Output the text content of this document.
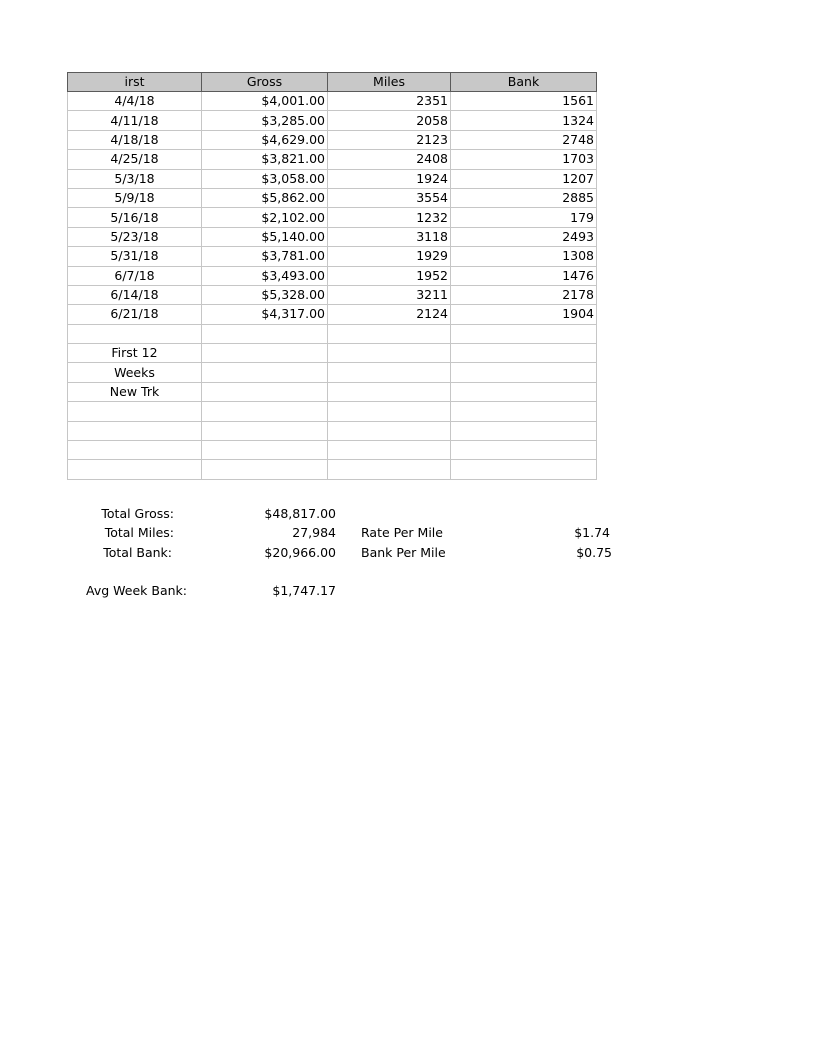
irst	Gross	Miles	Bank
4/4/18	$4,001.00	2351	1561
4/11/18	$3,285.00	2058	1324
4/18/18	$4,629.00	2123	2748
4/25/18	$3,821.00	2408	1703
5/3/18	$3,058.00	1924	1207
5/9/18	$5,862.00	3554	2885
5/16/18	$2,102.00	1232	179
5/23/18	$5,140.00	3118	2493
5/31/18	$3,781.00	1929	1308
6/7/18	$3,493.00	1952	1476
6/14/18	$5,328.00	3211	2178
6/21/18	$4,317.00	2124	1904

First 12			
Weeks			
New Trk			

Total Gross:	$48,817.00
Total Miles:	27,984 Rate Per Mile	$1.74
Total Bank:	$20,966.00 Bank Per Mile	$0.75
Avg Week Bank:	$1,747.17
